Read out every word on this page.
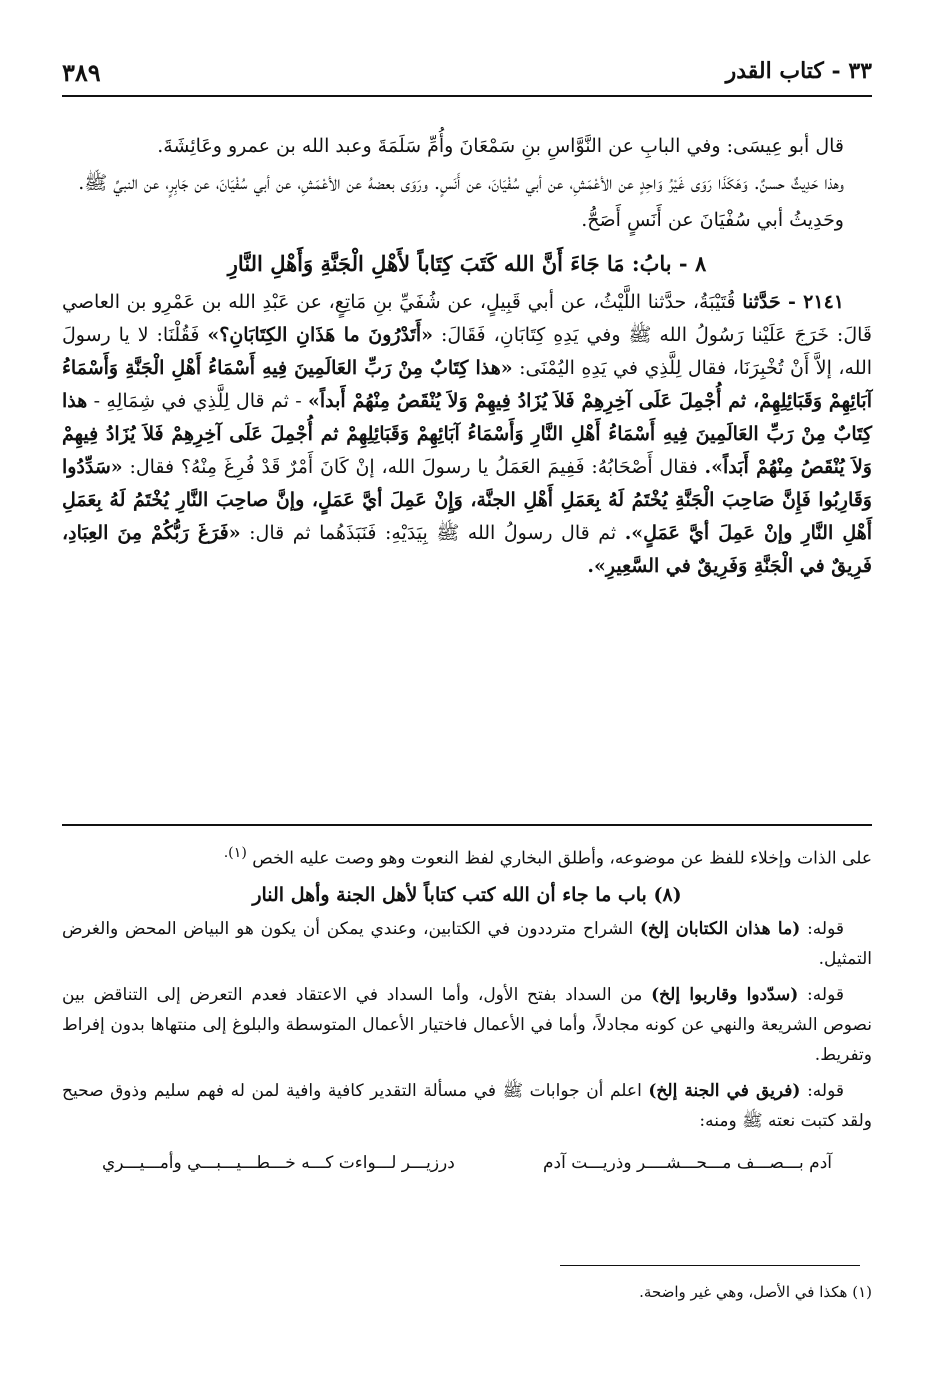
٣٣ - كتاب القدر
٣٨٩

قال أبو عِيسَى: وفي البابِ عن النَّوَّاسِ بنِ سَمْعَانَ وأُمِّ سَلَمَةَ وعبد الله بن عمرو وعَائِشَةَ.

وهذا حَدِيثٌ حسنٌ. وَهَكَذَا رَوَى غَيْرُ وَاحِدٍ عن الأعْمَشِ، عن أبي سُفْيَانَ، عن أَنَسٍ. ورَوَى بعضهُ عن الأعْمَشِ، عن أبي سُفْيَانَ، عن جَابِرٍ، عن النبيِّ ﷺ.

وحَدِيثُ أبي سُفْيَانَ عن أَنَسٍ أَصَحُّ.

٨ - بابُ: مَا جَاءَ أَنَّ الله كَتَبَ كِتَاباً لأَهْلِ الْجَنَّةِ وَأَهْلِ النَّارِ

٢١٤١ - حَدَّثنا قُتَيْبَةُ، حدَّثنا اللَّيْثُ، عن أبي قَبِيلٍ، عن شُفَيِّ بنِ مَاتِعٍ، عن عَبْدِ الله بن عَمْرِو بن العاصي قَالَ: خَرَجَ عَلَيْنا رَسُولُ الله ﷺ وفي يَدِهِ كِتَابَانِ، فَقَالَ: «أَتَدْرُونَ ما هَذَانِ الكِتَابَانِ؟» فَقُلْنَا: لا يا رسولَ الله، إلاَّ أَنْ تُخْبِرَنَا، فقال لِلَّذِي في يَدِهِ اليُمْنَى: «هذا كِتَابٌ مِنْ رَبِّ العَالَمِينَ فِيهِ أَسْمَاءُ أَهْلِ الْجَنَّةِ وَأَسْمَاءُ آبَائِهِمْ وَقَبَائِلِهِمْ، ثم أُجْمِلَ عَلَى آخِرِهِمْ فَلاَ يُزَادُ فِيهِمْ وَلاَ يُنْقَصُ مِنْهُمْ أَبداً» - ثم قال لِلَّذِي في شِمَالِهِ - هذا كِتَابٌ مِنْ رَبِّ العَالَمِينَ فِيهِ أَسْمَاءُ أَهْلِ النَّارِ وَأَسْمَاءُ آبَائِهِمْ وَقَبَائِلِهِمْ ثم أُجْمِلَ عَلَى آخِرِهِمْ فَلاَ يُزَادُ فِيهِمْ وَلاَ يُنْقَصُ مِنْهُمْ أَبَداً». فقال أَصْحَابُهُ: فَفِيمَ العَمَلُ يا رسولَ الله، إنْ كَانَ أَمْرٌ قَدْ فُرِغَ مِنْهُ؟ فقال: «سَدِّدُوا وَقَارِبُوا فَإِنَّ صَاحِبَ الْجَنَّةِ يُخْتَمُ لَهُ بِعَمَلِ أَهْلِ الجنَّة، وَإِنْ عَمِلَ أيَّ عَمَلٍ، وإنَّ صاحِبَ النَّارِ يُخْتَمُ لَهُ بِعَمَلِ أَهْلِ النَّارِ وإنْ عَمِلَ أيَّ عَمَلٍ». ثم قال رسولُ الله ﷺ بِيَدَيْهِ: فَنَبَذَهُما ثم قال: «فَرَغَ رَبُّكُمْ مِنَ العِبَادِ، فَرِيقٌ في الْجَنَّةِ وَفَرِيقٌ في السَّعِيرِ».

على الذات وإخلاء للفظ عن موضوعه، وأطلق البخاري لفظ النعوت وهو وصت عليه الخص $^{(١).}$

(٨) باب ما جاء أن الله كتب كتاباً لأهل الجنة وأهل النار

قوله: (ما هذان الكتابان إلخ) الشراح مترددون في الكتابين، وعندي يمكن أن يكون هو البياض المحض والغرض التمثيل.

قوله: (سدّدوا وقاربوا إلخ) من السداد بفتح الأول، وأما السداد في الاعتقاد فعدم التعرض إلى التناقض بين نصوص الشريعة والنهي عن كونه مجادلاً، وأما في الأعمال فاختيار الأعمال المتوسطة والبلوغ إلى منتهاها بدون إفراط وتفريط.

قوله: (فريق في الجنة إلخ) اعلم أن جوابات ﷺ في مسألة التقدير كافية وافية لمن له فهم سليم وذوق صحيح ولقد كتبت نعته ﷺ ومنه:

آدم بـــصـــف مـــحـــشــــر وذريـــت آدم
درزيـــر لـــواءت كـــه خـــطـــيـــبـــي وأمـــيـــري
(١) هكذا في الأصل، وهي غير واضحة.
